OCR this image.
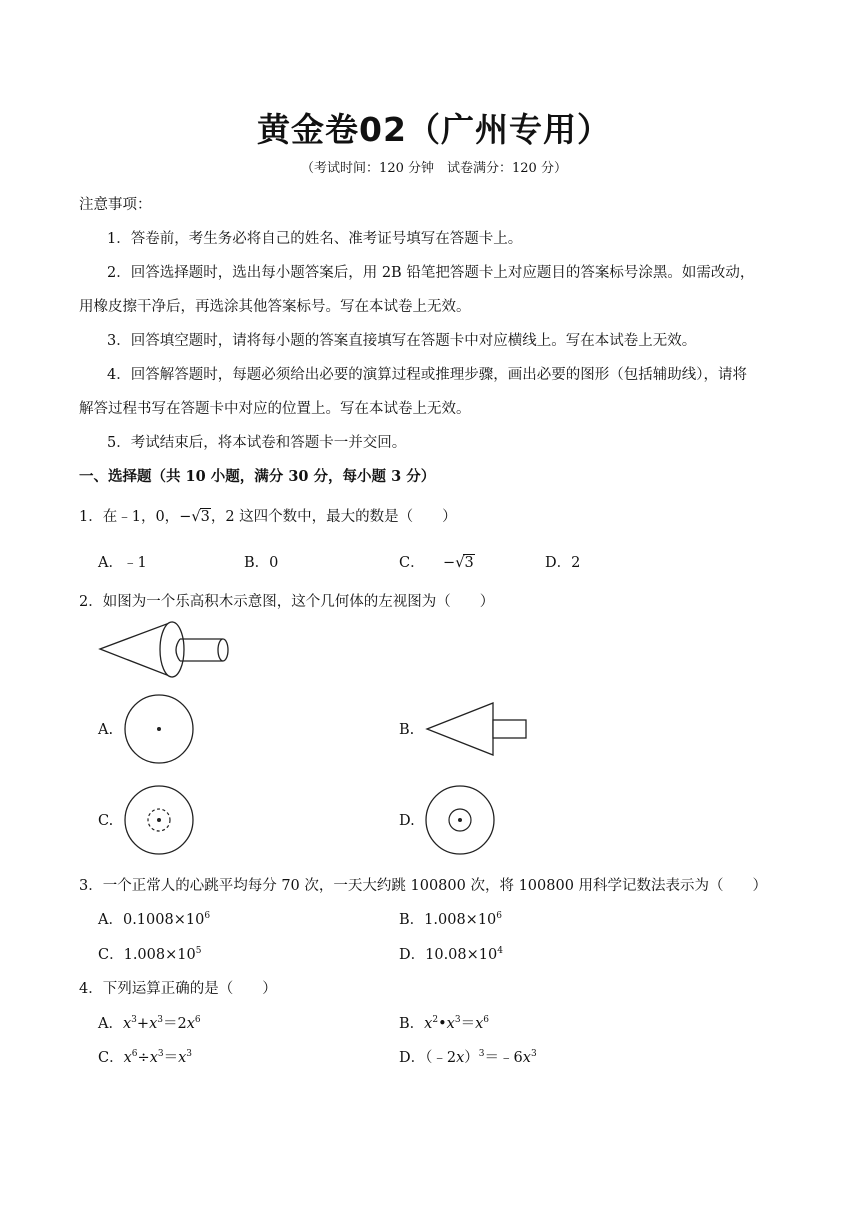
黄金卷02（广州专用）
（考试时间：120 分钟　试卷满分：120 分）
注意事项：
1．答卷前，考生务必将自己的姓名、准考证号填写在答题卡上。
2．回答选择题时，选出每小题答案后，用 2B 铅笔把答题卡上对应题目的答案标号涂黑。如需改动，
用橡皮擦干净后，再选涂其他答案标号。写在本试卷上无效。
3．回答填空题时，请将每小题的答案直接填写在答题卡中对应横线上。写在本试卷上无效。
4．回答解答题时，每题必须给出必要的演算过程或推理步骤，画出必要的图形（包括辅助线），请将
解答过程书写在答题卡中对应的位置上。写在本试卷上无效。
5．考试结束后，将本试卷和答题卡一并交回。
一、选择题（共 10 小题，满分 30 分，每小题 3 分）
1．在﹣1，0，−√3，2 这四个数中，最大的数是（　　）
A．﹣1	B．0	C． −√3	D．2
2．如图为一个乐高积木示意图，这个几何体的左视图为（　　）
A.	B.
C.	D.
3．一个正常人的心跳平均每分 70 次，一天大约跳 100800 次，将 100800 用科学记数法表示为（　　）
A．$0.1008\times 10^6$	B．$1.008\times 10^6$
C．$1.008\times 10^5$	D．$10.08\times 10^4$
4．下列运算正确的是（　　）
A．$x^3+x^3=2x^6$	B．$x^2•x^3=x^6$
C．$x^6\div x^3=x^3$	D．$(﹣2x)^3=﹣6x^3$
